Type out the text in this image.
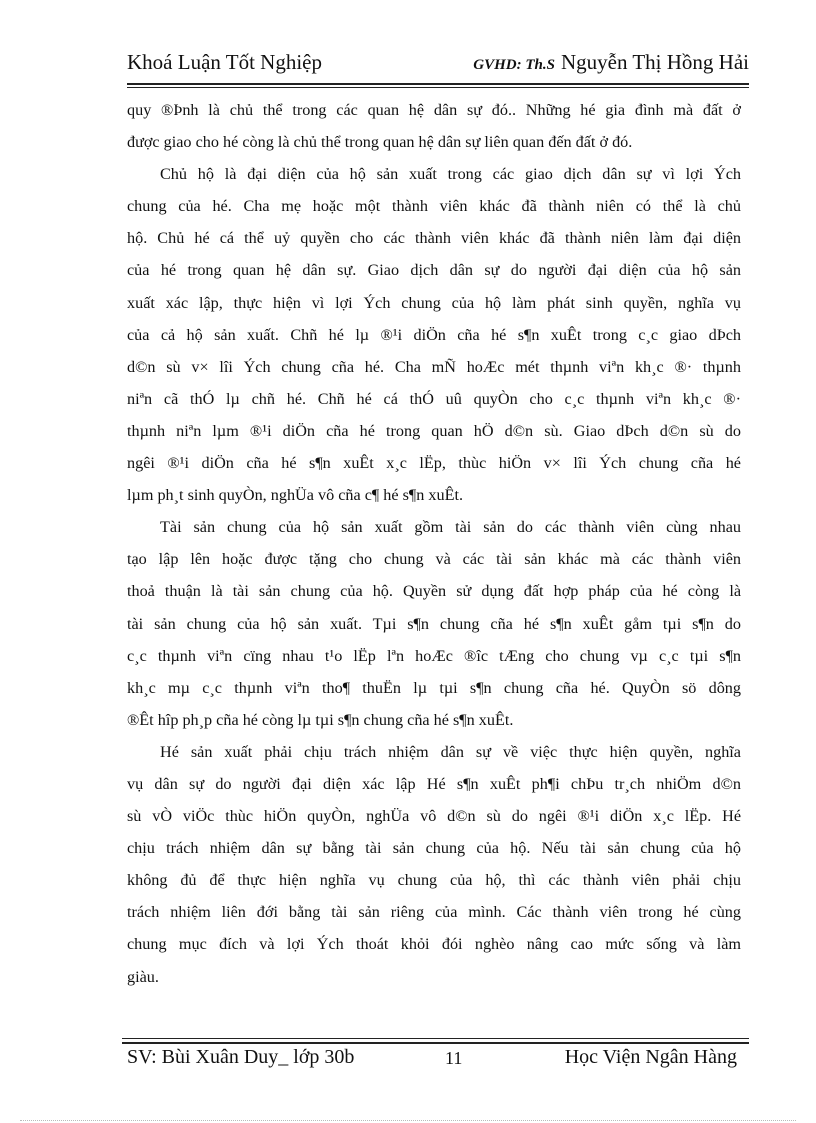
Khoá Luận Tốt Nghiệp	GVHD: Th.S Nguyễn Thị Hồng Hải

quy ®Þnh là chủ thể trong các quan hệ dân sự đó.. Những hé gia đình mà đất ở

được giao cho hé còng là chủ thể trong quan hệ dân sự liên quan đến đất ở đó.

Chủ hộ là đại diện của hộ sản xuất trong các giao dịch dân sự vì lợi Ých

chung của hé. Cha mẹ hoặc một thành viên khác đã thành niên có thể là chủ

hộ. Chủ hé cá thể uỷ quyền cho các thành viên khác đã thành niên làm đại diện

của hé trong quan hệ dân sự. Giao dịch dân sự do người đại diện của hộ sản

xuất xác lập, thực hiện vì lợi Ých chung của hộ làm phát sinh quyền, nghĩa vụ

của cả hộ sản xuất. Chñ hé lµ ®¹i diÖn cña hé s¶n xuÊt trong c¸c giao dÞch

d©n sù v× lîi Ých chung cña hé. Cha mÑ hoÆc mét thµnh viªn kh¸c ®· thµnh

niªn cã thÓ lµ chñ hé. Chñ hé cá thÓ uû quyÒn cho c¸c thµnh viªn kh¸c ®·

thµnh niªn lµm ®¹i diÖn cña hé trong quan hÖ d©n sù. Giao dÞch d©n sù do

ngêi ®¹i diÖn cña hé s¶n xuÊt x¸c lËp, thùc hiÖn v× lîi Ých chung cña hé

lµm ph¸t sinh quyÒn, nghÜa vô cña c¶ hé s¶n xuÊt.

Tài sản chung của hộ sản xuất gồm tài sản do các thành viên cùng nhau

tạo lập lên hoặc được tặng cho chung và các tài sản khác mà các thành viên

thoả thuận là tài sản chung của hộ. Quyền sử dụng đất hợp pháp của hé còng là

tài sản chung của hộ sản xuất. Tµi s¶n chung cña hé s¶n xuÊt gåm tµi s¶n do

c¸c thµnh viªn cïng nhau t¹o lËp lªn hoÆc ®îc tÆng cho chung vµ c¸c tµi s¶n

kh¸c mµ c¸c thµnh viªn tho¶ thuËn lµ tµi s¶n chung cña hé. QuyÒn sö dông

®Êt hîp ph¸p cña hé còng lµ tµi s¶n chung cña hé s¶n xuÊt.

Hé sản xuất phải chịu trách nhiệm dân sự về việc thực hiện quyền, nghĩa

vụ dân sự do người đại diện xác lập Hé s¶n xuÊt ph¶i chÞu tr¸ch nhiÖm d©n

sù vÒ viÖc thùc hiÖn quyÒn, nghÜa vô d©n sù do ngêi ®¹i diÖn x¸c lËp. Hé

chịu trách nhiệm dân sự bằng tài sản chung của hộ. Nếu tài sản chung của hộ

không đủ để thực hiện nghĩa vụ chung của hộ, thì các thành viên phải chịu

trách nhiệm liên đới bằng tài sản riêng của mình. Các thành viên trong hé cùng

chung mục đích và lợi Ých thoát khỏi đói nghèo nâng cao mức sống và làm

giàu.

SV: Bùi Xuân Duy_ lớp 30b	11	Học Viện Ngân Hàng
